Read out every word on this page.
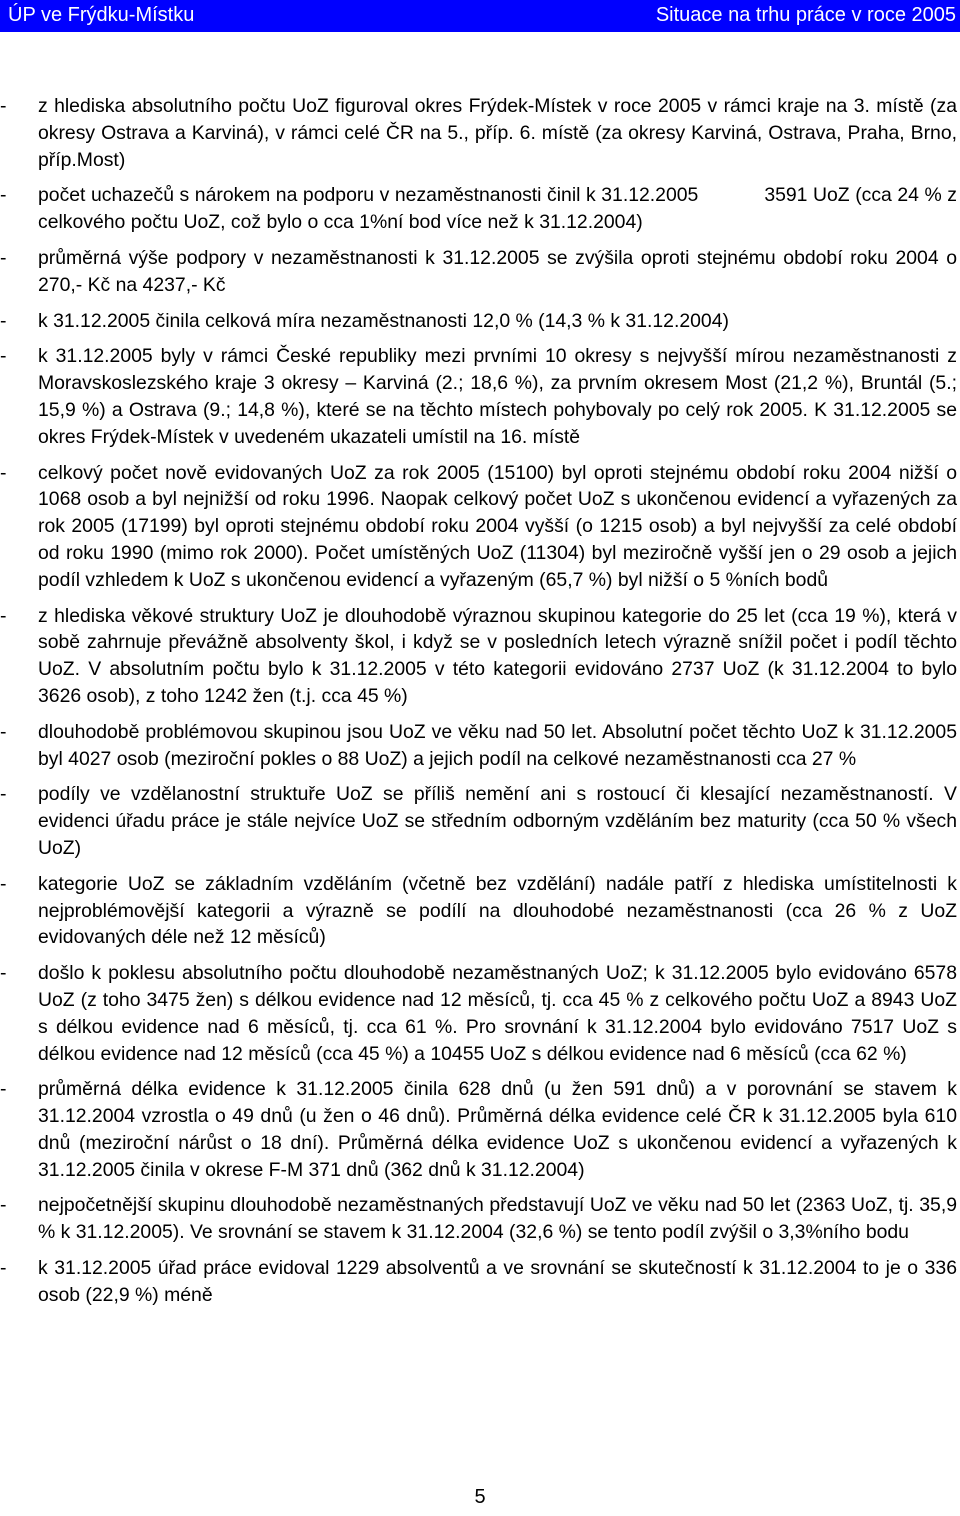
ÚP ve Frýdku-Místku	Situace na trhu práce v roce 2005
- z hlediska absolutního počtu UoZ figuroval okres Frýdek-Místek v roce 2005 v rámci kraje na 3. místě (za okresy Ostrava a Karviná), v rámci celé ČR na 5., příp. 6. místě (za okresy Karviná, Ostrava, Praha, Brno, příp.Most)
- počet uchazečů s nárokem na podporu v nezaměstnanosti činil k 31.12.2005	3591 UoZ (cca 24 % z celkového počtu UoZ, což bylo o cca 1%ní bod více než k 31.12.2004)
- průměrná výše podpory v nezaměstnanosti k 31.12.2005 se zvýšila oproti stejnému období roku 2004 o 270,- Kč na 4237,- Kč
- k 31.12.2005 činila celková míra nezaměstnanosti 12,0 % (14,3 % k 31.12.2004)
- k 31.12.2005 byly v rámci České republiky mezi prvními 10 okresy s nejvyšší mírou nezaměstnanosti z Moravskoslezského kraje 3 okresy – Karviná (2.; 18,6 %), za prvním okresem Most (21,2 %), Bruntál (5.; 15,9 %) a Ostrava (9.; 14,8 %), které se na těchto místech pohybovaly po celý rok 2005. K 31.12.2005 se okres Frýdek-Místek v uvedeném ukazateli umístil na 16. místě
- celkový počet nově evidovaných UoZ za rok 2005 (15100) byl oproti stejnému období roku 2004 nižší o 1068 osob a byl nejnižší od roku 1996. Naopak celkový počet UoZ s ukončenou evidencí a vyřazených za rok 2005 (17199) byl oproti stejnému období roku 2004 vyšší (o 1215 osob) a byl nejvyšší za celé období od roku 1990 (mimo rok 2000). Počet umístěných UoZ (11304) byl meziročně vyšší jen o 29 osob a jejich podíl vzhledem k UoZ s ukončenou evidencí a vyřazeným (65,7 %) byl nižší o 5 %ních bodů
- z hlediska věkové struktury UoZ je dlouhodobě výraznou skupinou kategorie do 25 let (cca 19 %), která v sobě zahrnuje převážně absolventy škol, i když se v posledních letech výrazně snížil počet i podíl těchto UoZ. V absolutním počtu bylo k 31.12.2005 v této kategorii evidováno 2737 UoZ (k 31.12.2004 to bylo 3626 osob), z toho 1242 žen (t.j. cca 45 %)
- dlouhodobě problémovou skupinou jsou UoZ ve věku nad 50 let. Absolutní počet těchto UoZ k 31.12.2005 byl 4027 osob (meziroční pokles o 88 UoZ) a jejich podíl na celkové nezaměstnanosti cca 27 %
- podíly ve vzdělanostní struktuře UoZ se příliš nemění ani s rostoucí či klesající nezaměstnaností. V evidenci úřadu práce je stále nejvíce UoZ se středním odborným vzděláním bez maturity (cca 50 % všech UoZ)
- kategorie UoZ se základním vzděláním (včetně bez vzdělání) nadále patří z hlediska umístitelnosti k nejproblémovější kategorii a výrazně se podílí na dlouhodobé nezaměstnanosti (cca 26 % z UoZ evidovaných déle než 12 měsíců)
- došlo k poklesu absolutního počtu dlouhodobě nezaměstnaných UoZ; k 31.12.2005 bylo evidováno 6578 UoZ (z toho 3475 žen) s délkou evidence nad 12 měsíců, tj. cca 45 % z celkového počtu UoZ a 8943 UoZ s délkou evidence nad 6 měsíců, tj. cca 61 %. Pro srovnání k 31.12.2004 bylo evidováno 7517 UoZ s délkou evidence nad 12 měsíců (cca 45 %) a 10455 UoZ s délkou evidence nad 6 měsíců (cca 62 %)
- průměrná délka evidence k 31.12.2005 činila 628 dnů (u žen 591 dnů) a v porovnání se stavem k 31.12.2004 vzrostla o 49 dnů (u žen o 46 dnů). Průměrná délka evidence celé ČR k 31.12.2005 byla 610 dnů (meziroční nárůst o 18 dní). Průměrná délka evidence UoZ s ukončenou evidencí a vyřazených k 31.12.2005 činila v okrese F-M 371 dnů (362 dnů k 31.12.2004)
- nejpočetnější skupinu dlouhodobě nezaměstnaných představují UoZ ve věku nad 50 let (2363 UoZ, tj. 35,9 % k 31.12.2005). Ve srovnání se stavem k 31.12.2004 (32,6 %) se tento podíl zvýšil o 3,3%ního bodu
- k 31.12.2005 úřad práce evidoval 1229 absolventů a ve srovnání se skutečností k 31.12.2004 to je o 336 osob (22,9 %) méně
5
